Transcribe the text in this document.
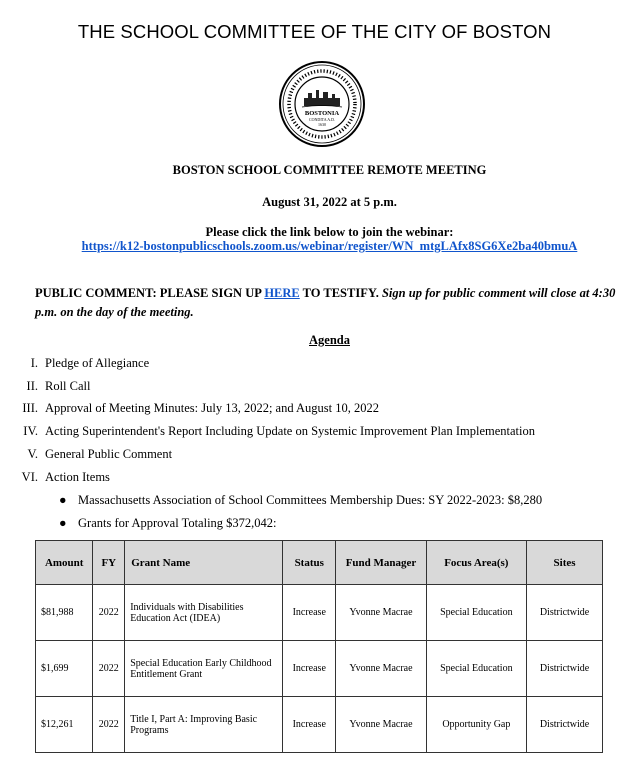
THE SCHOOL COMMITTEE OF THE CITY OF BOSTON
BOSTONIA
CONDITA A.D.
1630
BOSTON SCHOOL COMMITTEE REMOTE MEETING
August 31, 2022 at 5 p.m.
Please click the link below to join the webinar:
https://k12-bostonpublicschools.zoom.us/webinar/register/WN_mtgLAfx8SG6Xe2ba40bmuA
PUBLIC COMMENT: PLEASE SIGN UP HERE TO TESTIFY. Sign up for public comment will close at 4:30 p.m. on the day of the meeting.
Agenda
I. Pledge of Allegiance
II. Roll Call
III. Approval of Meeting Minutes: July 13, 2022; and August 10, 2022
IV. Acting Superintendent's Report Including Update on Systemic Improvement Plan Implementation
V. General Public Comment
VI. Action Items
● Massachusetts Association of School Committees Membership Dues: SY 2022-2023: $8,280
● Grants for Approval Totaling $372,042:
Amount	FY	Grant Name	Status	Fund Manager	Focus Area(s)	Sites
$81,988	2022	Individuals with Disabilities Education Act (IDEA)	Increase	Yvonne Macrae	Special Education	Districtwide
$1,699	2022	Special Education Early Childhood Entitlement Grant	Increase	Yvonne Macrae	Special Education	Districtwide
$12,261	2022	Title I, Part A: Improving Basic Programs	Increase	Yvonne Macrae	Opportunity Gap	Districtwide
